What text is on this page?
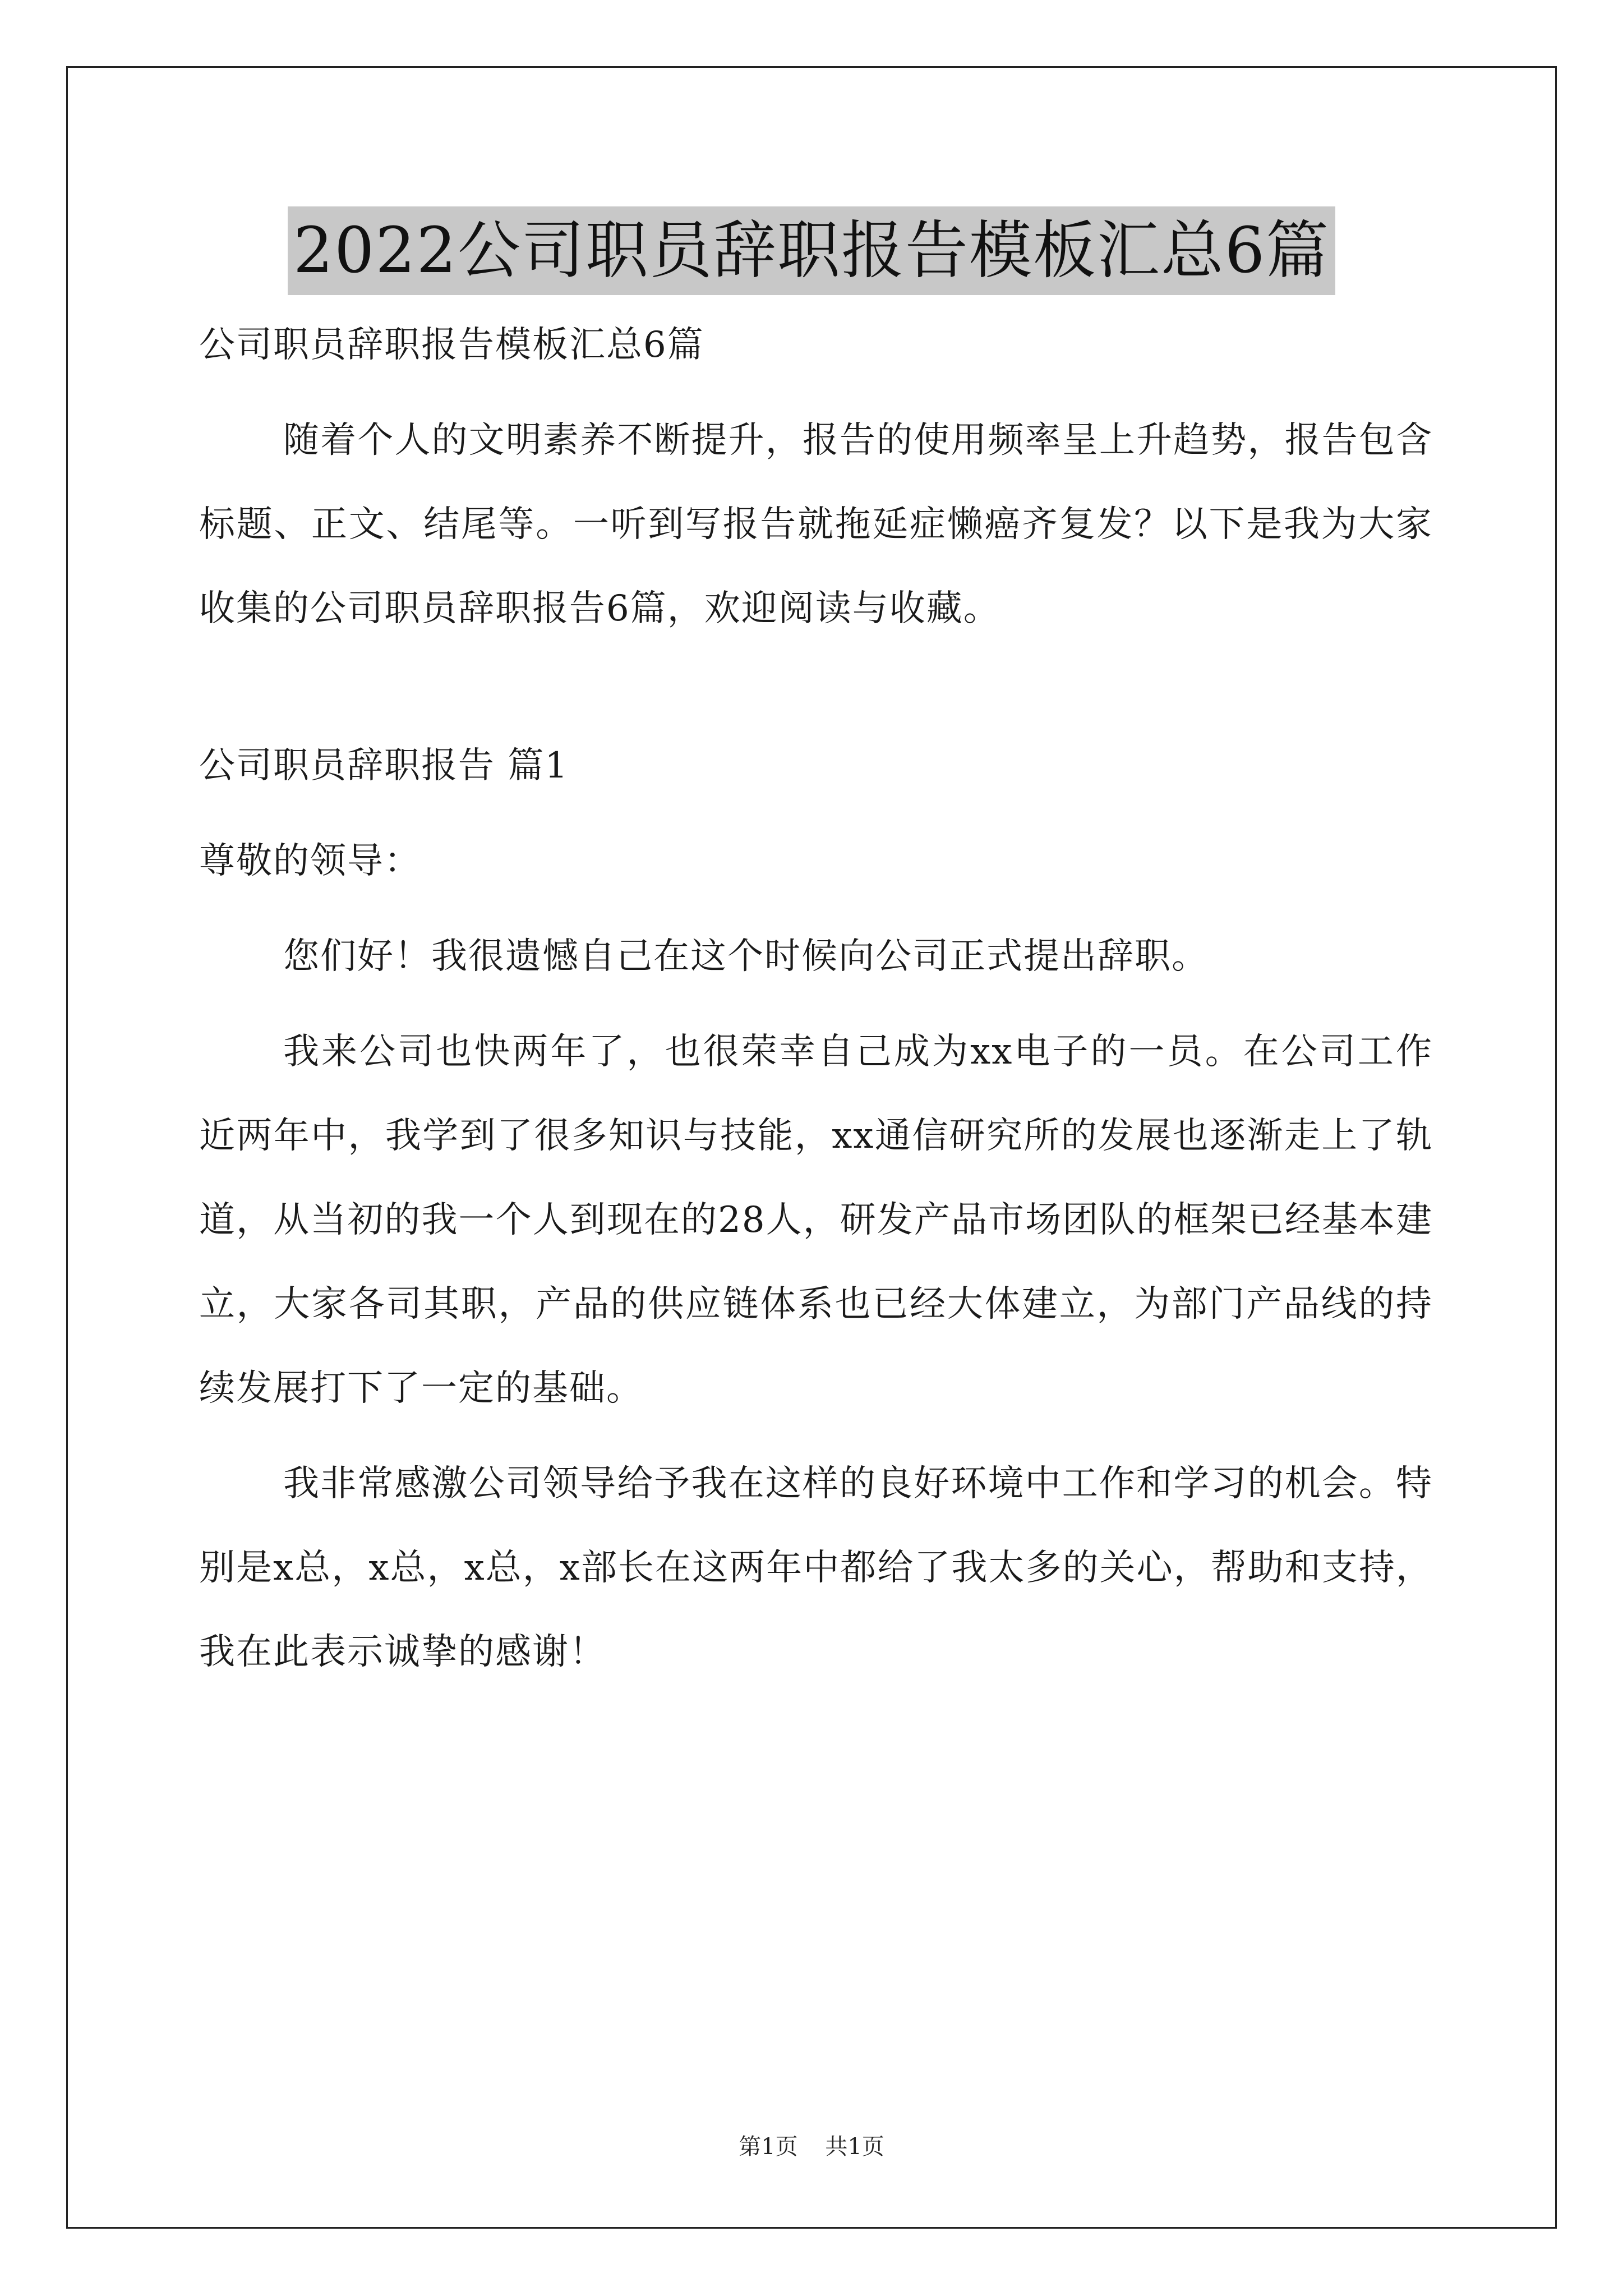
2022公司职员辞职报告模板汇总6篇

公司职员辞职报告模板汇总6篇

随着个人的文明素养不断提升，报告的使用频率呈上升趋势，报告包含标题、正文、结尾等。一听到写报告就拖延症懒癌齐复发？以下是我为大家收集的公司职员辞职报告6篇，欢迎阅读与收藏。

公司职员辞职报告 篇1

尊敬的领导：

您们好！我很遗憾自己在这个时候向公司正式提出辞职。

我来公司也快两年了，也很荣幸自己成为xx电子的一员。在公司工作近两年中，我学到了很多知识与技能，xx通信研究所的发展也逐渐走上了轨道，从当初的我一个人到现在的28人，研发产品市场团队的框架已经基本建立，大家各司其职，产品的供应链体系也已经大体建立，为部门产品线的持续发展打下了一定的基础。

我非常感激公司领导给予我在这样的良好环境中工作和学习的机会。特别是x总，x总，x总，x部长在这两年中都给了我太多的关心，帮助和支持，我在此表示诚挚的感谢！

第1页 共1页
